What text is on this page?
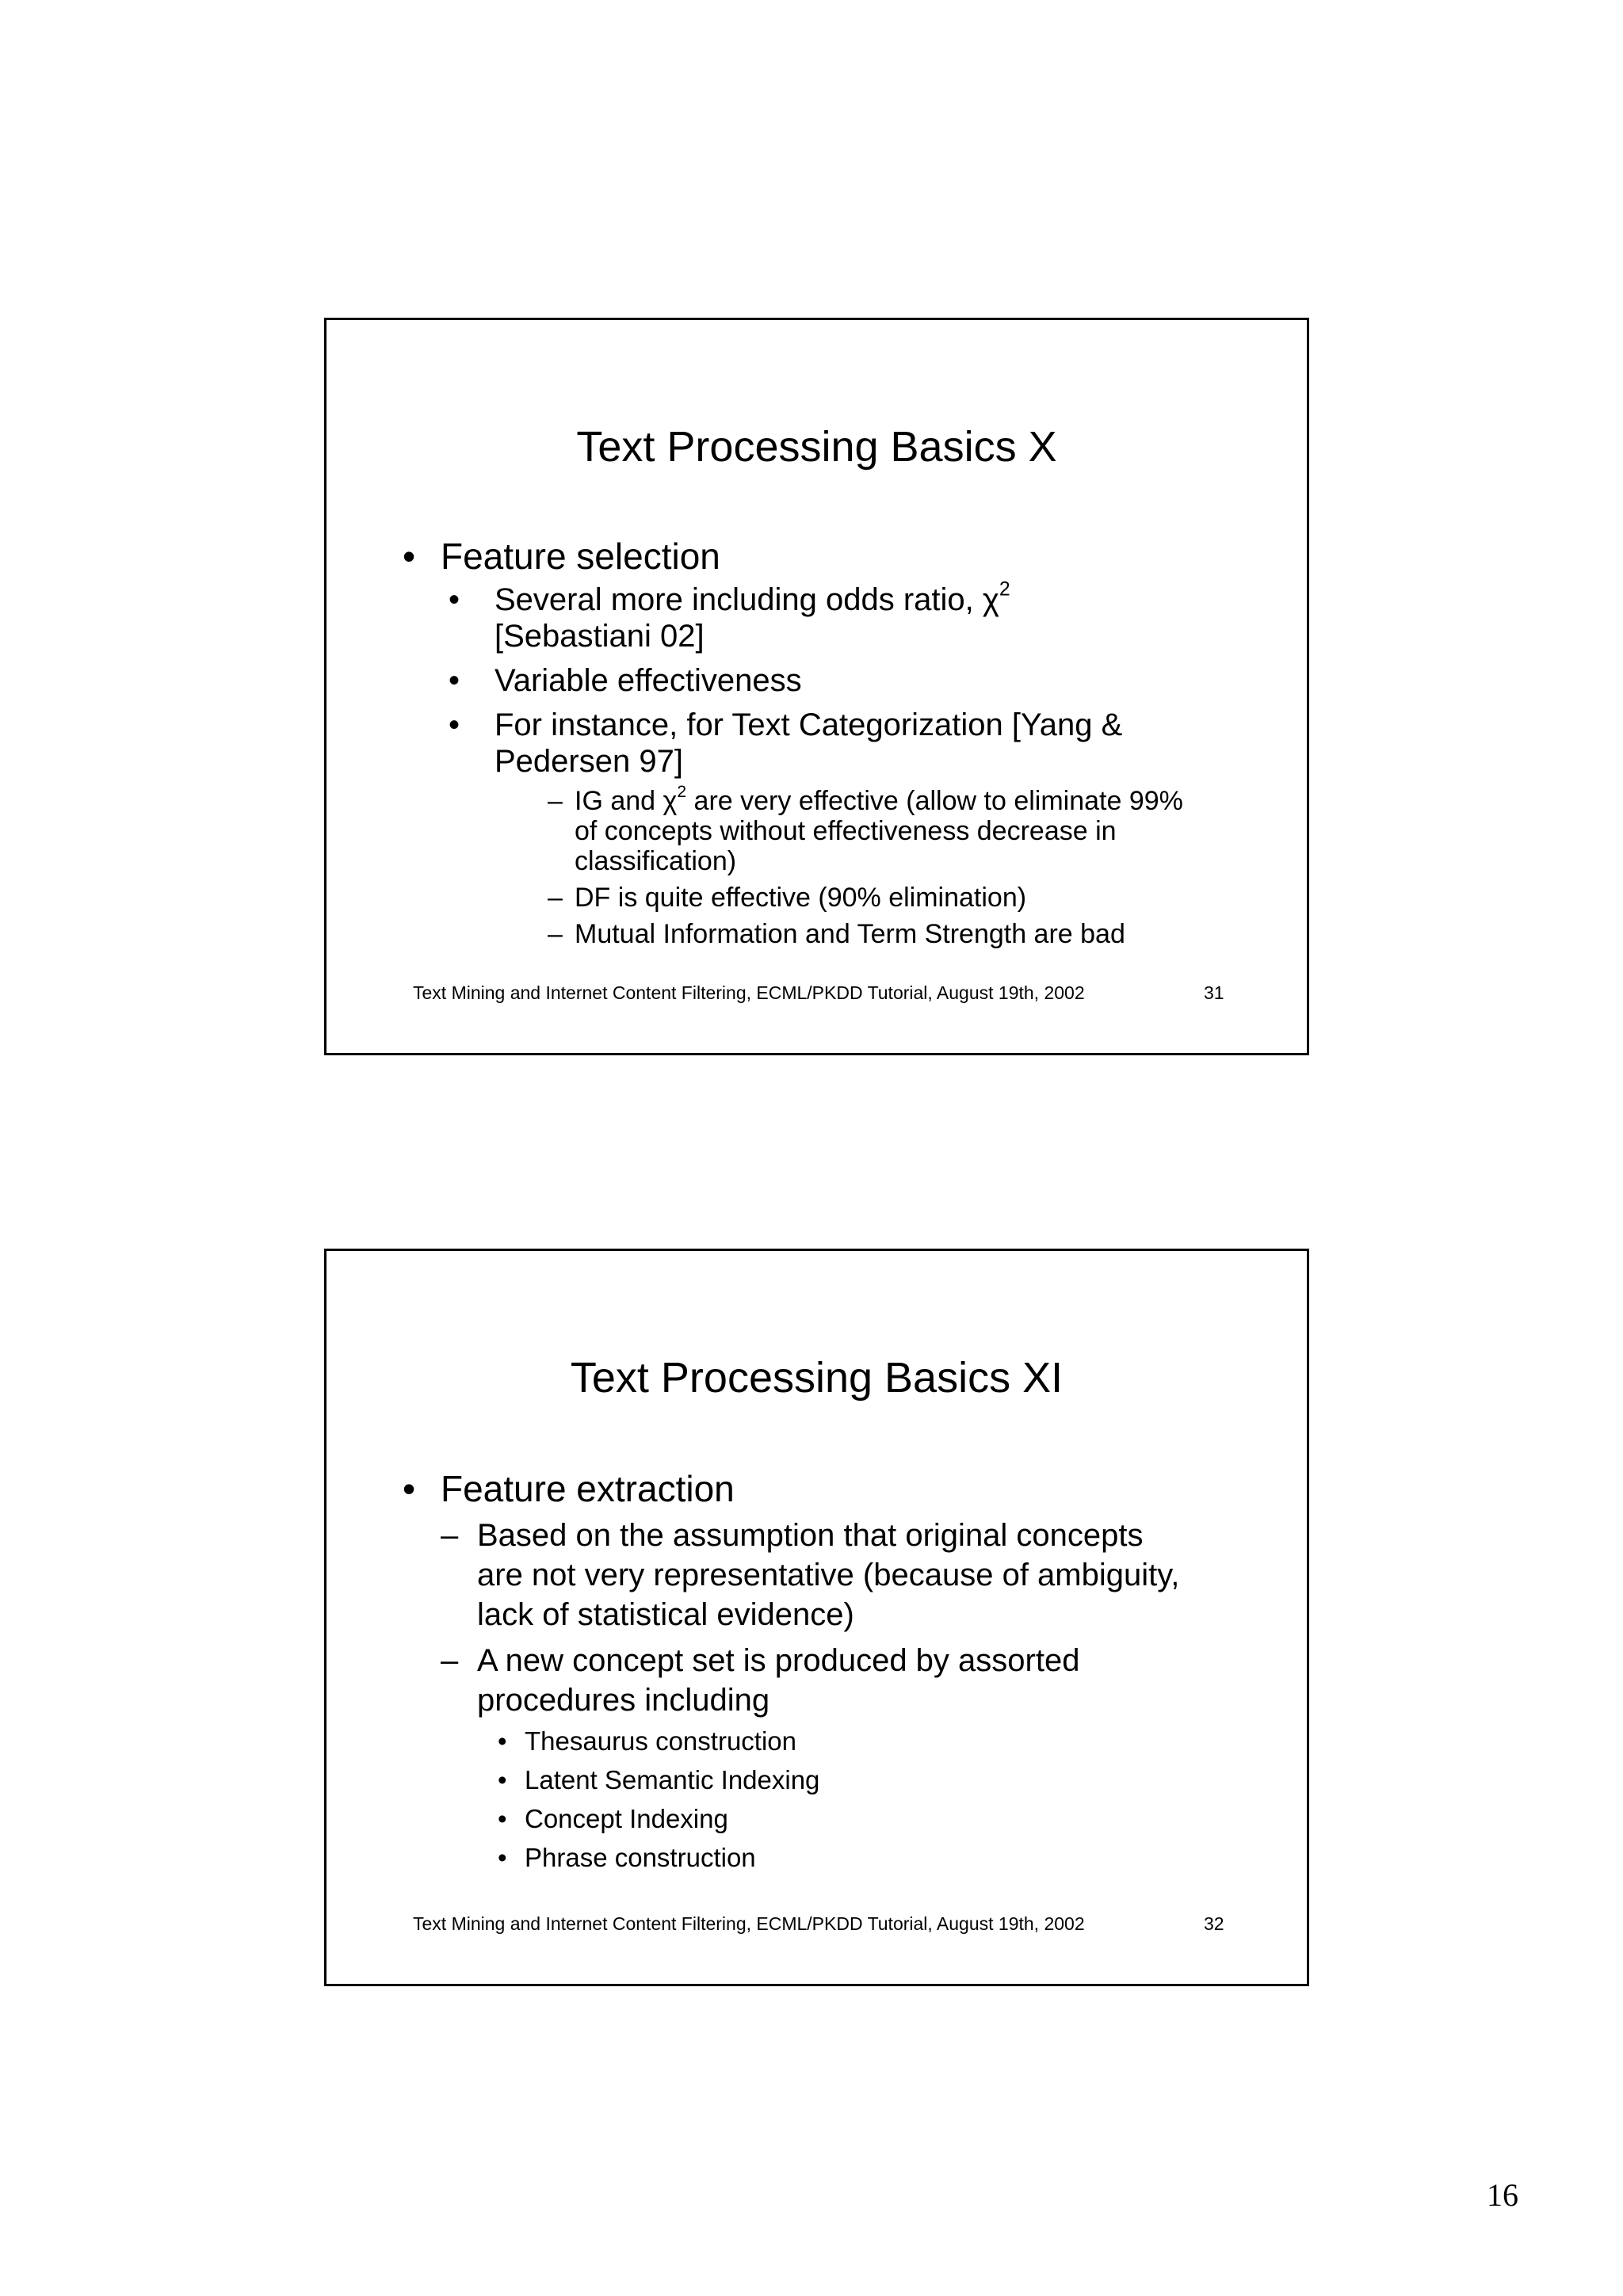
Text Processing Basics X
• Feature selection
• Several more including odds ratio, $\chi^2$
[Sebastiani 02]
• Variable effectiveness
• For instance, for Text Categorization [Yang &
Pedersen 97]
– IG and $\chi^2$ are very effective (allow to eliminate 99%
of concepts without effectiveness decrease in
classification)
– DF is quite effective (90% elimination)
– Mutual Information and Term Strength are bad
Text Mining and Internet Content Filtering, ECML/PKDD Tutorial, August 19th, 2002	31
Text Processing Basics XI
• Feature extraction
– Based on the assumption that original concepts
are not very representative (because of ambiguity,
lack of statistical evidence)
– A new concept set is produced by assorted
procedures including
• Thesaurus construction
• Latent Semantic Indexing
• Concept Indexing
• Phrase construction
Text Mining and Internet Content Filtering, ECML/PKDD Tutorial, August 19th, 2002	32
16
